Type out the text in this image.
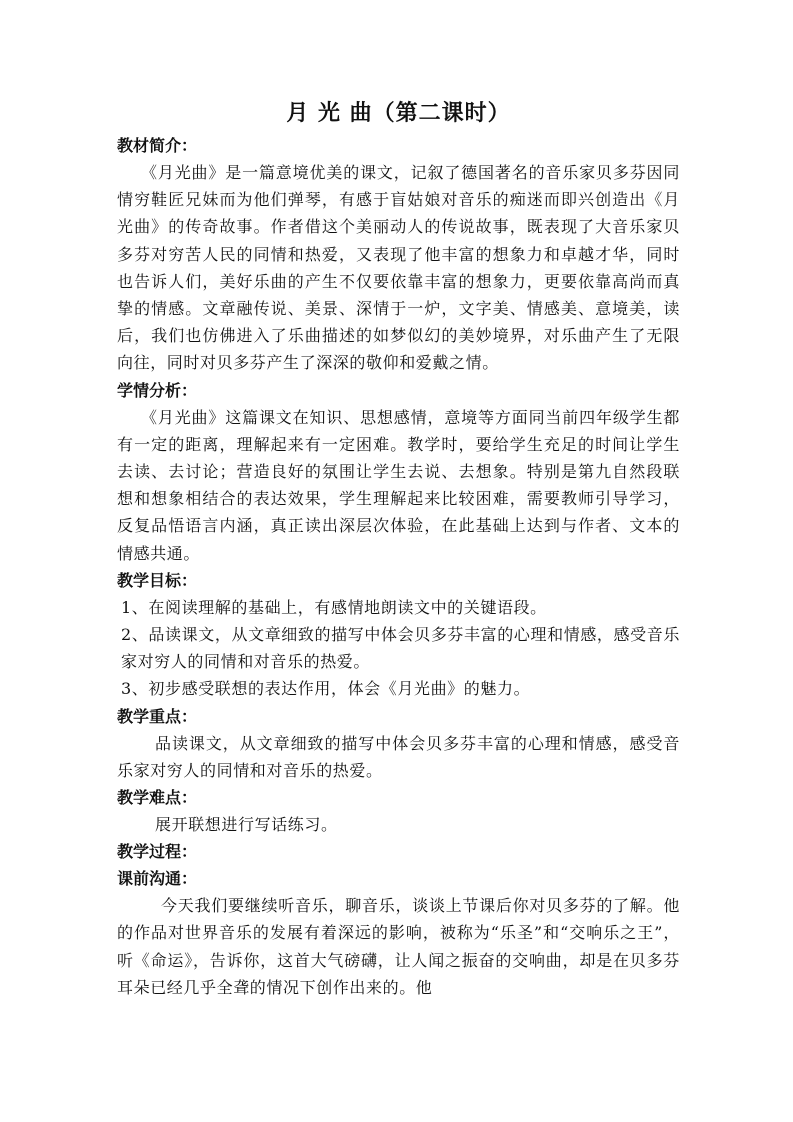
月 光 曲（第二课时）
教材简介：

《月光曲》是一篇意境优美的课文，记叙了德国著名的音乐家贝多芬因同情穷鞋匠兄妹而为他们弹琴，有感于盲姑娘对音乐的痴迷而即兴创造出《月光曲》的传奇故事。作者借这个美丽动人的传说故事，既表现了大音乐家贝多芬对穷苦人民的同情和热爱，又表现了他丰富的想象力和卓越才华，同时也告诉人们，美好乐曲的产生不仅要依靠丰富的想象力，更要依靠高尚而真挚的情感。文章融传说、美景、深情于一炉，文字美、情感美、意境美，读后，我们也仿佛进入了乐曲描述的如梦似幻的美妙境界，对乐曲产生了无限向往，同时对贝多芬产生了深深的敬仰和爱戴之情。

学情分析：

《月光曲》这篇课文在知识、思想感情，意境等方面同当前四年级学生都有一定的距离，理解起来有一定困难。教学时，要给学生充足的时间让学生去读、去讨论；营造良好的氛围让学生去说、去想象。特别是第九自然段联想和想象相结合的表达效果，学生理解起来比较困难，需要教师引导学习，反复品悟语言内涵，真正读出深层次体验，在此基础上达到与作者、文本的情感共通。

教学目标：

1、在阅读理解的基础上，有感情地朗读文中的关键语段。

2、品读课文，从文章细致的描写中体会贝多芬丰富的心理和情感，感受音乐家对穷人的同情和对音乐的热爱。

3、初步感受联想的表达作用，体会《月光曲》的魅力。

教学重点：

品读课文，从文章细致的描写中体会贝多芬丰富的心理和情感，感受音乐家对穷人的同情和对音乐的热爱。

教学难点：

展开联想进行写话练习。

教学过程：
课前沟通：

今天我们要继续听音乐，聊音乐，谈谈上节课后你对贝多芬的了解。他的作品对世界音乐的发展有着深远的影响，被称为“乐圣”和“交响乐之王”，听《命运》，告诉你，这首大气磅礴，让人闻之振奋的交响曲，却是在贝多芬耳朵已经几乎全聋的情况下创作出来的。他
